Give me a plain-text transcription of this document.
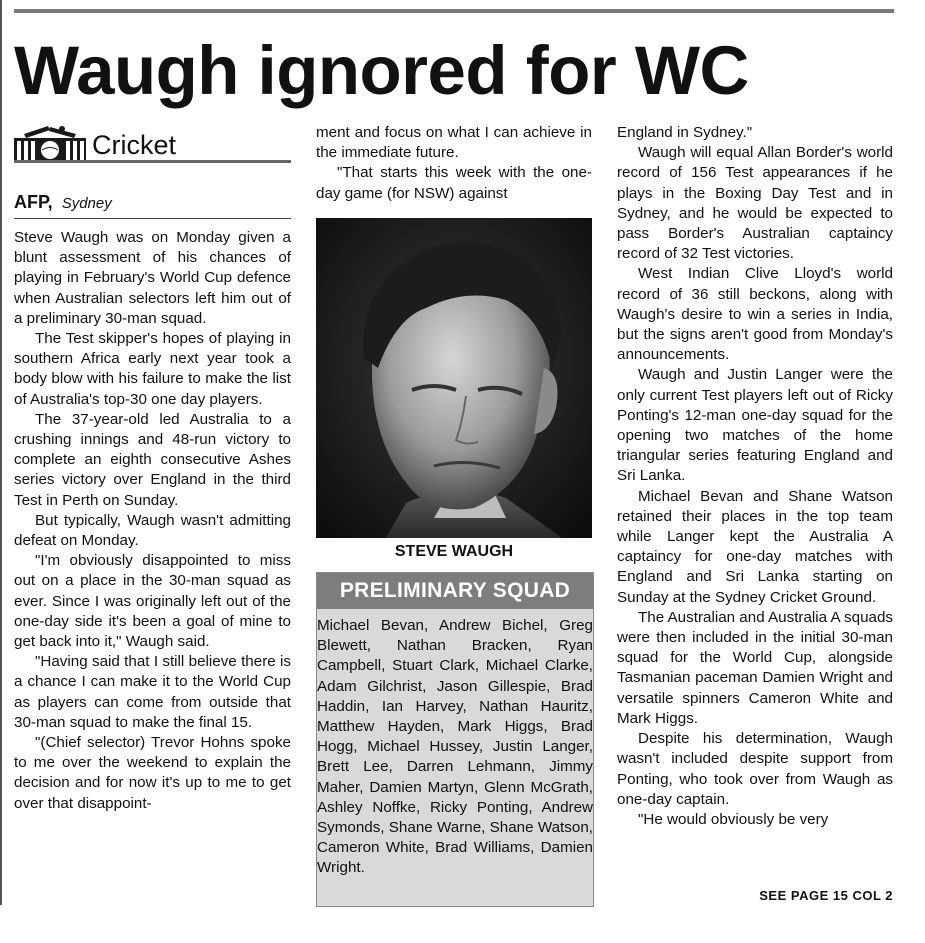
Waugh ignored for WC
Cricket
AFP, Sydney

Steve Waugh was on Monday given a blunt assessment of his chances of playing in February's World Cup defence when Australian selectors left him out of a preliminary 30-man squad.

The Test skipper's hopes of playing in southern Africa early next year took a body blow with his failure to make the list of Australia's top-30 one day players.

The 37-year-old led Australia to a crushing innings and 48-run victory to complete an eighth consecutive Ashes series victory over England in the third Test in Perth on Sunday.

But typically, Waugh wasn't admitting defeat on Monday.

"I'm obviously disappointed to miss out on a place in the 30-man squad as ever. Since I was originally left out of the one-day side it's been a goal of mine to get back into it," Waugh said.

"Having said that I still believe there is a chance I can make it to the World Cup as players can come from outside that 30-man squad to make the final 15.

"(Chief selector) Trevor Hohns spoke to me over the weekend to explain the decision and for now it's up to me to get over that disappoint-

ment and focus on what I can achieve in the immediate future.

"That starts this week with the one-day game (for NSW) against

STEVE WAUGH
PRELIMINARY SQUAD
Michael Bevan, Andrew Bichel, Greg Blewett, Nathan Bracken, Ryan Campbell, Stuart Clark, Michael Clarke, Adam Gilchrist, Jason Gillespie, Brad Haddin, Ian Harvey, Nathan Hauritz, Matthew Hayden, Mark Higgs, Brad Hogg, Michael Hussey, Justin Langer, Brett Lee, Darren Lehmann, Jimmy Maher, Damien Martyn, Glenn McGrath, Ashley Noffke, Ricky Ponting, Andrew Symonds, Shane Warne, Shane Watson, Cameron White, Brad Williams, Damien Wright.

England in Sydney."

Waugh will equal Allan Border's world record of 156 Test appearances if he plays in the Boxing Day Test and in Sydney, and he would be expected to pass Border's Australian captaincy record of 32 Test victories.

West Indian Clive Lloyd's world record of 36 still beckons, along with Waugh's desire to win a series in India, but the signs aren't good from Monday's announcements.

Waugh and Justin Langer were the only current Test players left out of Ricky Ponting's 12-man one-day squad for the opening two matches of the home triangular series featuring England and Sri Lanka.

Michael Bevan and Shane Watson retained their places in the top team while Langer kept the Australia A captaincy for one-day matches with England and Sri Lanka starting on Sunday at the Sydney Cricket Ground.

The Australian and Australia A squads were then included in the initial 30-man squad for the World Cup, alongside Tasmanian paceman Damien Wright and versatile spinners Cameron White and Mark Higgs.

Despite his determination, Waugh wasn't included despite support from Ponting, who took over from Waugh as one-day captain.

"He would obviously be very

SEE PAGE 15 COL 2
